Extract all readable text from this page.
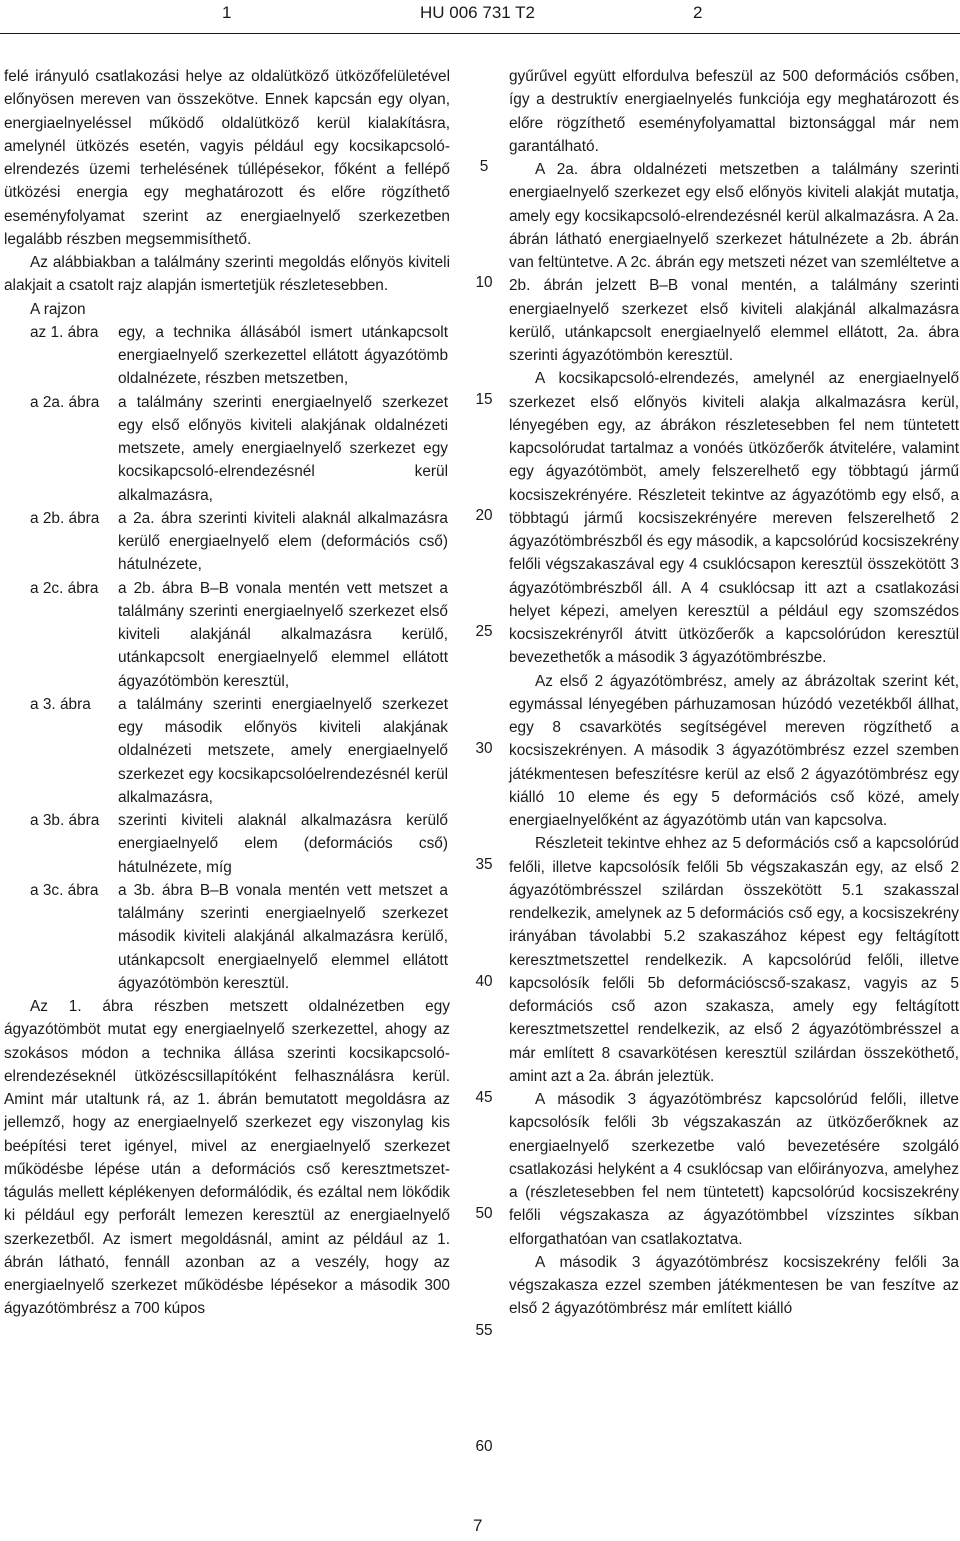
1	HU 006 731 T2	2

felé irányuló csatlakozási helye az oldalütköző ütközőfelületével előnyösen mereven van összekötve. Ennek kapcsán egy olyan, energiaelnyeléssel működő oldalütköző kerül kialakításra, amelynél ütközés esetén, vagyis például egy kocsikapcsoló-elrendezés üzemi terhelésének túllépésekor, főként a fellépő ütközési energia egy meghatározott és előre rögzíthető eseményfolyamat szerint az energiaelnyelő szerkezetben legalább részben megsemmisíthető.

Az alábbiakban a találmány szerinti megoldás előnyös kiviteli alakjait a csatolt rajz alapján ismertetjük részletesebben.

A rajzon

az 1. ábra	egy, a technika állásából ismert utánkapcsolt energiaelnyelő szerkezettel ellátott ágyazótömb oldalnézete, részben metszetben,
a 2a. ábra	a találmány szerinti energiaelnyelő szerkezet egy első előnyös kiviteli alakjának oldalnézeti metszete, amely energiaelnyelő szerkezet egy kocsikapcsoló-elrendezésnél kerül alkalmazásra,
a 2b. ábra	a 2a. ábra szerinti kiviteli alaknál alkalmazásra kerülő energiaelnyelő elem (deformációs cső) hátulnézete,
a 2c. ábra	a 2b. ábra B–B vonala mentén vett metszet a találmány szerinti energiaelnyelő szerkezet első kiviteli alakjánál alkalmazásra kerülő, utánkapcsolt energiaelnyelő elemmel ellátott ágyazótömbön keresztül,
a 3. ábra	a találmány szerinti energiaelnyelő szerkezet egy második előnyös kiviteli alakjának oldalnézeti metszete, amely energiaelnyelő szerkezet egy kocsikapcsolóelrendezésnél kerül alkalmazásra,
a 3b. ábra	szerinti kiviteli alaknál alkalmazásra kerülő energiaelnyelő elem (deformációs cső) hátulnézete, míg
a 3c. ábra	a 3b. ábra B–B vonala mentén vett metszet a találmány szerinti energiaelnyelő szerkezet második kiviteli alakjánál alkalmazásra kerülő, utánkapcsolt energiaelnyelő elemmel ellátott ágyazótömbön keresztül.

Az 1. ábra részben metszett oldalnézetben egy ágyazótömböt mutat egy energiaelnyelő szerkezettel, ahogy az szokásos módon a technika állása szerinti kocsikapcsoló-elrendezéseknél ütközéscsillapítóként felhasználásra kerül. Amint már utaltunk rá, az 1. ábrán bemutatott megoldásra az jellemző, hogy az energiaelnyelő szerkezet egy viszonylag kis beépítési teret igényel, mivel az energiaelnyelő szerkezet működésbe lépése után a deformációs cső keresztmetszet-tágulás mellett képlékenyen deformálódik, és ezáltal nem lökődik ki például egy perforált lemezen keresztül az energiaelnyelő szerkezetből. Az ismert megoldásnál, amint az például az 1. ábrán látható, fennáll azonban az a veszély, hogy az energiaelnyelő szerkezet működésbe lépésekor a második 300 ágyazótömbrész a 700 kúpos

5
10
15
20
25
30
35
40
45
50
55
60

gyűrűvel együtt elfordulva befeszül az 500 deformációs csőben, így a destruktív energiaelnyelés funkciója egy meghatározott és előre rögzíthető eseményfolyamattal biztonsággal már nem garantálható.

A 2a. ábra oldalnézeti metszetben a találmány szerinti energiaelnyelő szerkezet egy első előnyös kiviteli alakját mutatja, amely egy kocsikapcsoló-elrendezésnél kerül alkalmazásra. A 2a. ábrán látható energiaelnyelő szerkezet hátulnézete a 2b. ábrán van feltüntetve. A 2c. ábrán egy metszeti nézet van szemléltetve a 2b. ábrán jelzett B–B vonal mentén, a találmány szerinti energiaelnyelő szerkezet első kiviteli alakjánál alkalmazásra kerülő, utánkapcsolt energiaelnyelő elemmel ellátott, 2a. ábra szerinti ágyazótömbön keresztül.

A kocsikapcsoló-elrendezés, amelynél az energiaelnyelő szerkezet első előnyös kiviteli alakja alkalmazásra kerül, lényegében egy, az ábrákon részletesebben fel nem tüntetett kapcsolórudat tartalmaz a vonóés ütközőerők átvitelére, valamint egy ágyazótömböt, amely felszerelhető egy többtagú jármű kocsiszekrényére. Részleteit tekintve az ágyazótömb egy első, a többtagú jármű kocsiszekrényére mereven felszerelhető 2 ágyazótömbrészből és egy második, a kapcsolórúd kocsiszekrény felőli végszakaszával egy 4 csuklócsapon keresztül összekötött 3 ágyazótömbrészből áll. A 4 csuklócsap itt azt a csatlakozási helyet képezi, amelyen keresztül a például egy szomszédos kocsiszekrényről átvitt ütközőerők a kapcsolórúdon keresztül bevezethetők a második 3 ágyazótömbrészbe.

Az első 2 ágyazótömbrész, amely az ábrázoltak szerint két, egymással lényegében párhuzamosan húzódó vezetékből állhat, egy 8 csavarkötés segítségével mereven rögzíthető a kocsiszekrényen. A második 3 ágyazótömbrész ezzel szemben játékmentesen befeszítésre kerül az első 2 ágyazótömbrész egy kiálló 10 eleme és egy 5 deformációs cső közé, amely energiaelnyelőként az ágyazótömb után van kapcsolva.

Részleteit tekintve ehhez az 5 deformációs cső a kapcsolórúd felőli, illetve kapcsolósík felőli 5b végszakaszán egy, az első 2 ágyazótömbrésszel szilárdan összekötött 5.1 szakasszal rendelkezik, amelynek az 5 deformációs cső egy, a kocsiszekrény irányában távolabbi 5.2 szakaszához képest egy feltágított keresztmetszettel rendelkezik. A kapcsolórúd felőli, illetve kapcsolósík felőli 5b deformációscső-szakasz, vagyis az 5 deformációs cső azon szakasza, amely egy feltágított keresztmetszettel rendelkezik, az első 2 ágyazótömbrésszel a már említett 8 csavarkötésen keresztül szilárdan összeköthető, amint azt a 2a. ábrán jeleztük.

A második 3 ágyazótömbrész kapcsolórúd felőli, illetve kapcsolósík felőli 3b végszakaszán az ütközőerőknek az energiaelnyelő szerkezetbe való bevezetésére szolgáló csatlakozási helyként a 4 csuklócsap van előirányozva, amelyhez a (részletesebben fel nem tüntetett) kapcsolórúd kocsiszekrény felőli végszakasza az ágyazótömbbel vízszintes síkban elforgathatóan van csatlakoztatva.

A második 3 ágyazótömbrész kocsiszekrény felőli 3a végszakasza ezzel szemben játékmentesen be van feszítve az első 2 ágyazótömbrész már említett kiálló

7
